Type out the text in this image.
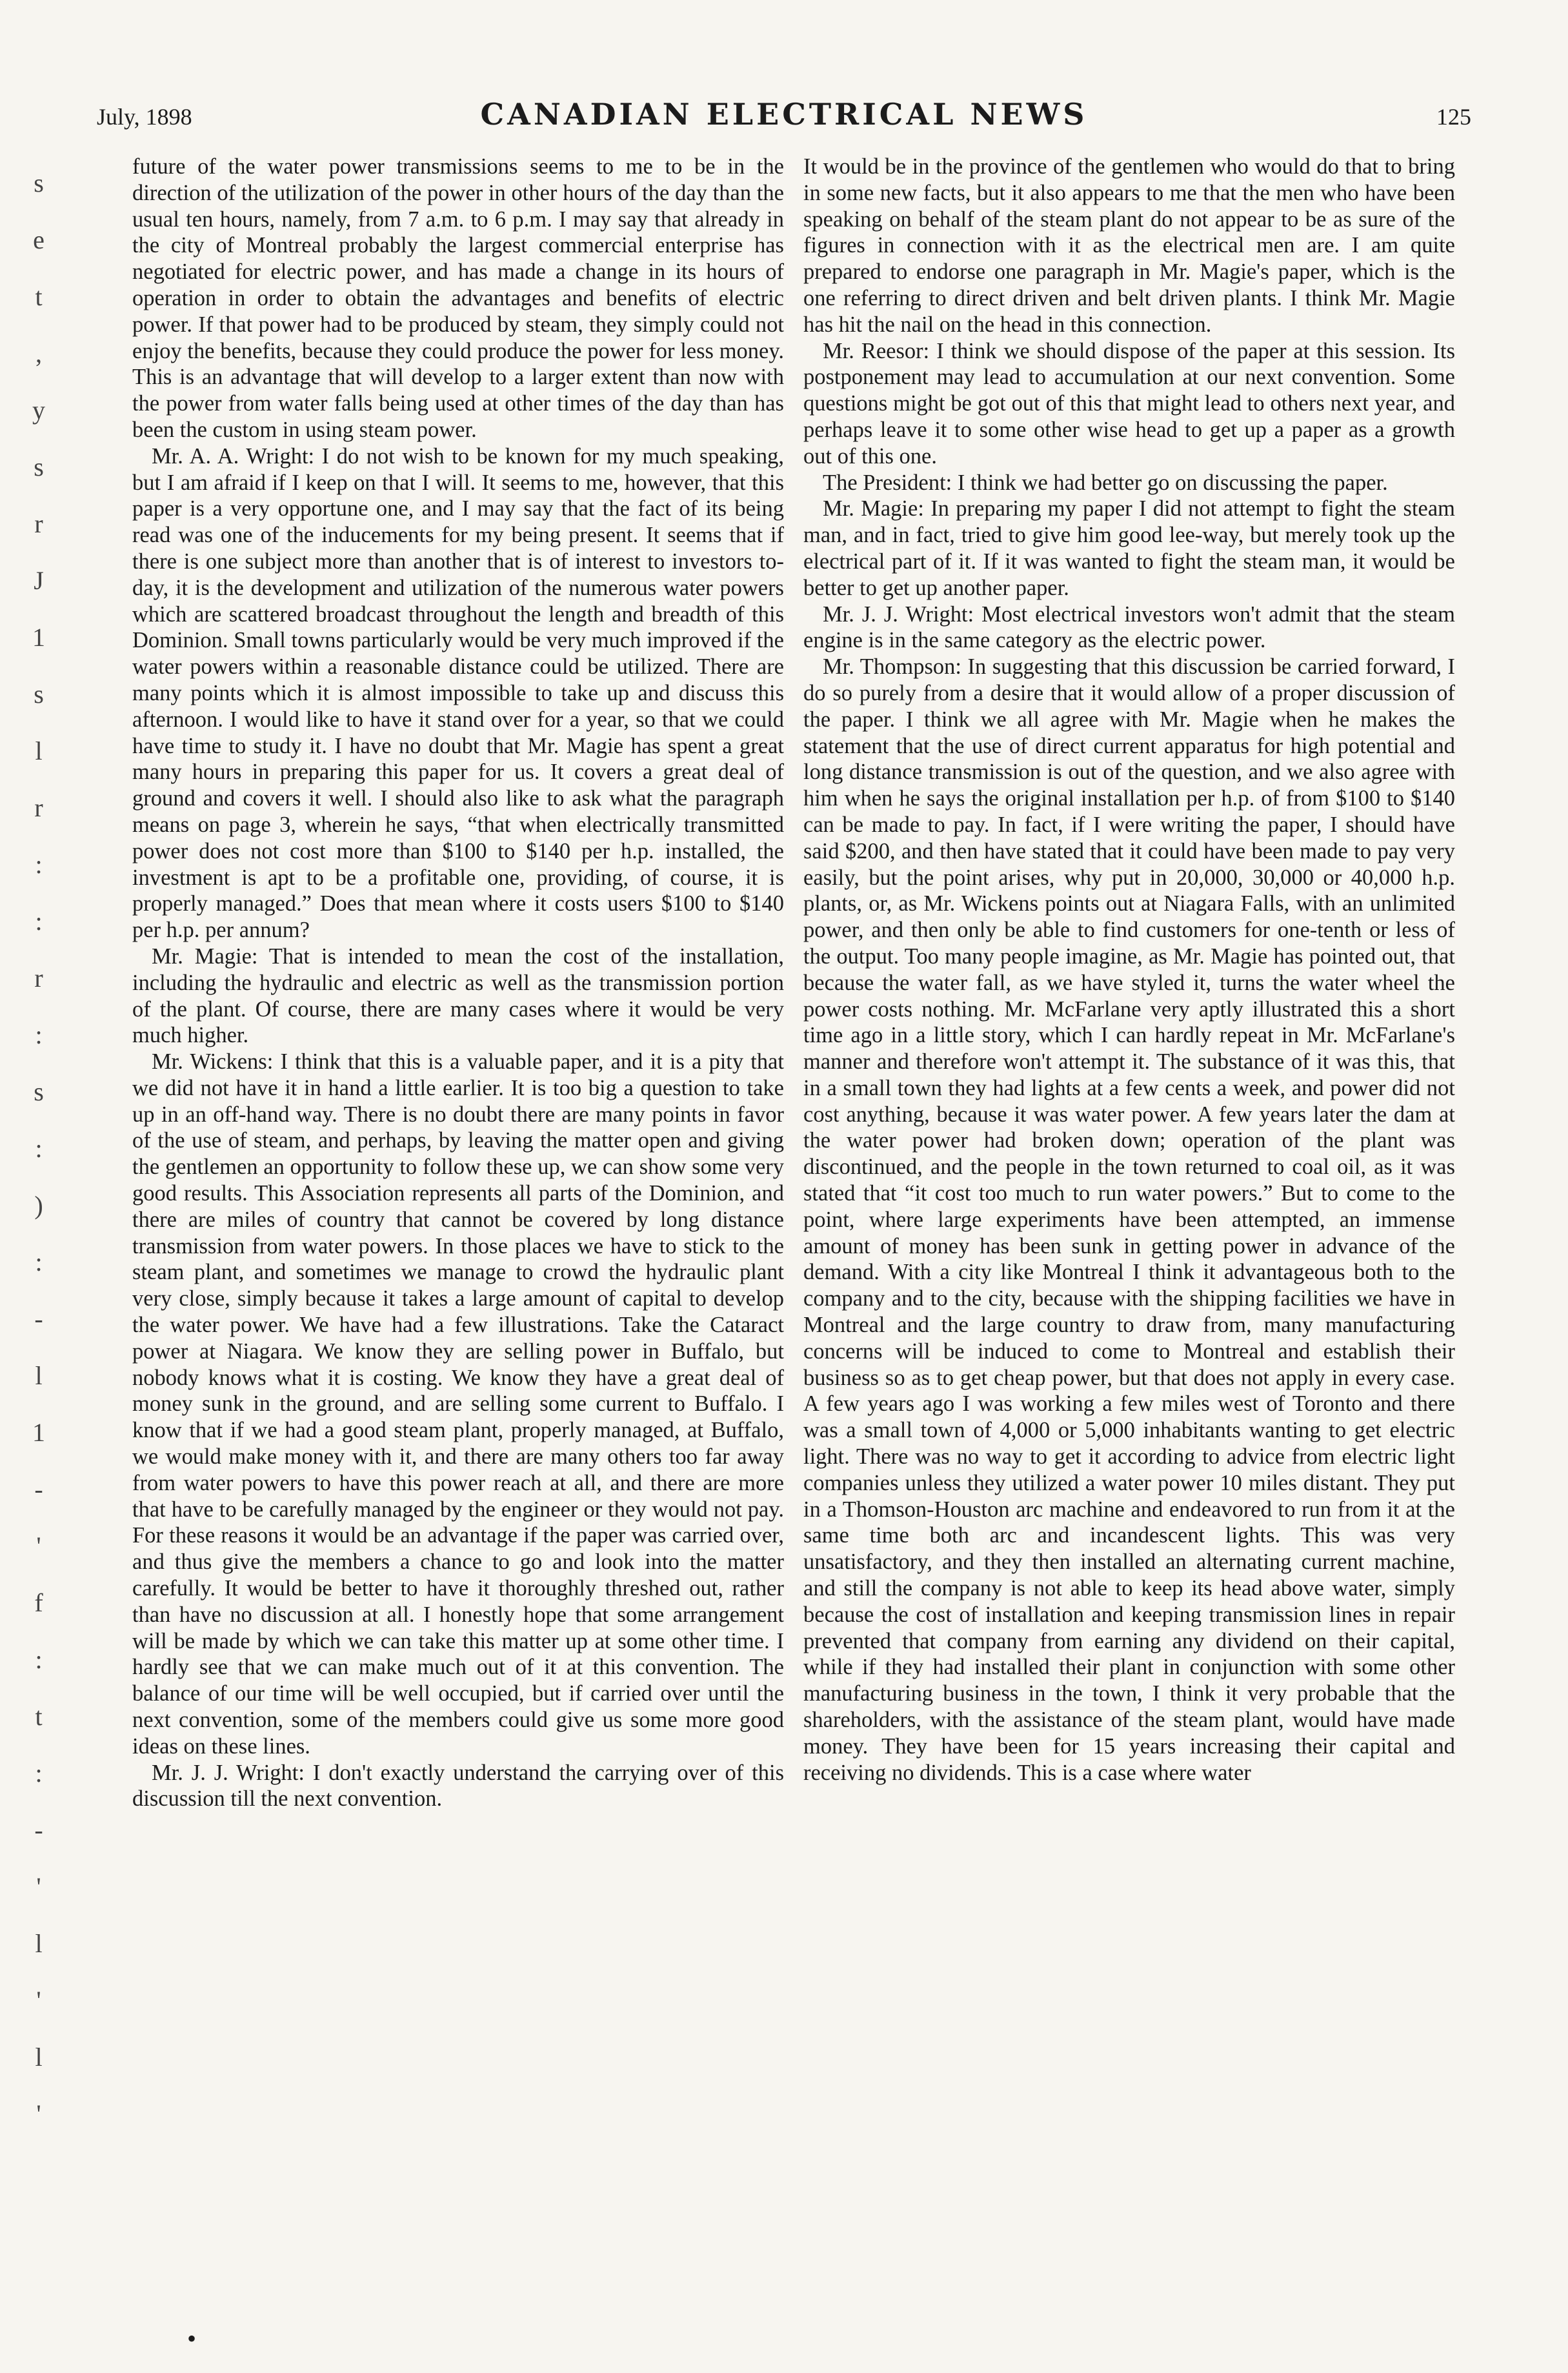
s
e
t
,
y
s
r
J
1
s
l
r
:
:
r
:
s
:
)
:
-
l
1
-
'
f
:
t
:
-
'
l
'
l
'
July, 1898	CANADIAN ELECTRICAL NEWS	125

future of the water power transmissions seems to me to be in the direction of the utilization of the power in other hours of the day than the usual ten hours, namely, from 7 a.m. to 6 p.m. I may say that already in the city of Montreal probably the largest commercial enterprise has negotiated for electric power, and has made a change in its hours of operation in order to obtain the advantages and benefits of electric power. If that power had to be produced by steam, they simply could not enjoy the benefits, because they could produce the power for less money. This is an advantage that will develop to a larger extent than now with the power from water falls being used at other times of the day than has been the custom in using steam power.

Mr. A. A. Wright: I do not wish to be known for my much speaking, but I am afraid if I keep on that I will. It seems to me, however, that this paper is a very opportune one, and I may say that the fact of its being read was one of the inducements for my being present. It seems that if there is one subject more than another that is of interest to investors to-day, it is the development and utilization of the numerous water powers which are scattered broadcast throughout the length and breadth of this Dominion. Small towns particularly would be very much improved if the water powers within a reasonable distance could be utilized. There are many points which it is almost impossible to take up and discuss this afternoon. I would like to have it stand over for a year, so that we could have time to study it. I have no doubt that Mr. Magie has spent a great many hours in preparing this paper for us. It covers a great deal of ground and covers it well. I should also like to ask what the paragraph means on page 3, wherein he says, “that when electrically transmitted power does not cost more than $100 to $140 per h.p. installed, the investment is apt to be a profitable one, providing, of course, it is properly managed.” Does that mean where it costs users $100 to $140 per h.p. per annum?

Mr. Magie: That is intended to mean the cost of the installation, including the hydraulic and electric as well as the transmission portion of the plant. Of course, there are many cases where it would be very much higher.

Mr. Wickens: I think that this is a valuable paper, and it is a pity that we did not have it in hand a little earlier. It is too big a question to take up in an off-hand way. There is no doubt there are many points in favor of the use of steam, and perhaps, by leaving the matter open and giving the gentlemen an opportunity to follow these up, we can show some very good results. This Association represents all parts of the Dominion, and there are miles of country that cannot be covered by long distance transmission from water powers. In those places we have to stick to the steam plant, and sometimes we manage to crowd the hydraulic plant very close, simply because it takes a large amount of capital to develop the water power. We have had a few illustrations. Take the Cataract power at Niagara. We know they are selling power in Buffalo, but nobody knows what it is costing. We know they have a great deal of money sunk in the ground, and are selling some current to Buffalo. I know that if we had a good steam plant, properly managed, at Buffalo, we would make money with it, and there are many others too far away from water powers to have this power reach at all, and there are more that have to be carefully managed by the engineer or they would not pay. For these reasons it would be an advantage if the paper was carried over, and thus give the members a chance to go and look into the matter carefully. It would be better to have it thoroughly threshed out, rather than have no discussion at all. I honestly hope that some arrangement will be made by which we can take this matter up at some other time. I hardly see that we can make much out of it at this convention. The balance of our time will be well occupied, but if carried over until the next convention, some of the members could give us some more good ideas on these lines.

Mr. J. J. Wright: I don't exactly understand the carrying over of this discussion till the next convention.

It would be in the province of the gentlemen who would do that to bring in some new facts, but it also appears to me that the men who have been speaking on behalf of the steam plant do not appear to be as sure of the figures in connection with it as the electrical men are. I am quite prepared to endorse one paragraph in Mr. Magie's paper, which is the one referring to direct driven and belt driven plants. I think Mr. Magie has hit the nail on the head in this connection.

Mr. Reesor: I think we should dispose of the paper at this session. Its postponement may lead to accumulation at our next convention. Some questions might be got out of this that might lead to others next year, and perhaps leave it to some other wise head to get up a paper as a growth out of this one.

The President: I think we had better go on discussing the paper.

Mr. Magie: In preparing my paper I did not attempt to fight the steam man, and in fact, tried to give him good lee-way, but merely took up the electrical part of it. If it was wanted to fight the steam man, it would be better to get up another paper.

Mr. J. J. Wright: Most electrical investors won't admit that the steam engine is in the same category as the electric power.

Mr. Thompson: In suggesting that this discussion be carried forward, I do so purely from a desire that it would allow of a proper discussion of the paper. I think we all agree with Mr. Magie when he makes the statement that the use of direct current apparatus for high potential and long distance transmission is out of the question, and we also agree with him when he says the original installation per h.p. of from $100 to $140 can be made to pay. In fact, if I were writing the paper, I should have said $200, and then have stated that it could have been made to pay very easily, but the point arises, why put in 20,000, 30,000 or 40,000 h.p. plants, or, as Mr. Wickens points out at Niagara Falls, with an unlimited power, and then only be able to find customers for one-tenth or less of the output. Too many people imagine, as Mr. Magie has pointed out, that because the water fall, as we have styled it, turns the water wheel the power costs nothing. Mr. McFarlane very aptly illustrated this a short time ago in a little story, which I can hardly repeat in Mr. McFarlane's manner and therefore won't attempt it. The substance of it was this, that in a small town they had lights at a few cents a week, and power did not cost anything, because it was water power. A few years later the dam at the water power had broken down; operation of the plant was discontinued, and the people in the town returned to coal oil, as it was stated that “it cost too much to run water powers.” But to come to the point, where large experiments have been attempted, an immense amount of money has been sunk in getting power in advance of the demand. With a city like Montreal I think it advantageous both to the company and to the city, because with the shipping facilities we have in Montreal and the large country to draw from, many manufacturing concerns will be induced to come to Montreal and establish their business so as to get cheap power, but that does not apply in every case. A few years ago I was working a few miles west of Toronto and there was a small town of 4,000 or 5,000 inhabitants wanting to get electric light. There was no way to get it according to advice from electric light companies unless they utilized a water power 10 miles distant. They put in a Thomson-Houston arc machine and endeavored to run from it at the same time both arc and incandescent lights. This was very unsatisfactory, and they then installed an alternating current machine, and still the company is not able to keep its head above water, simply because the cost of installation and keeping transmission lines in repair prevented that company from earning any dividend on their capital, while if they had installed their plant in conjunction with some other manufacturing business in the town, I think it very probable that the shareholders, with the assistance of the steam plant, would have made money. They have been for 15 years increasing their capital and receiving no dividends. This is a case where water

•
